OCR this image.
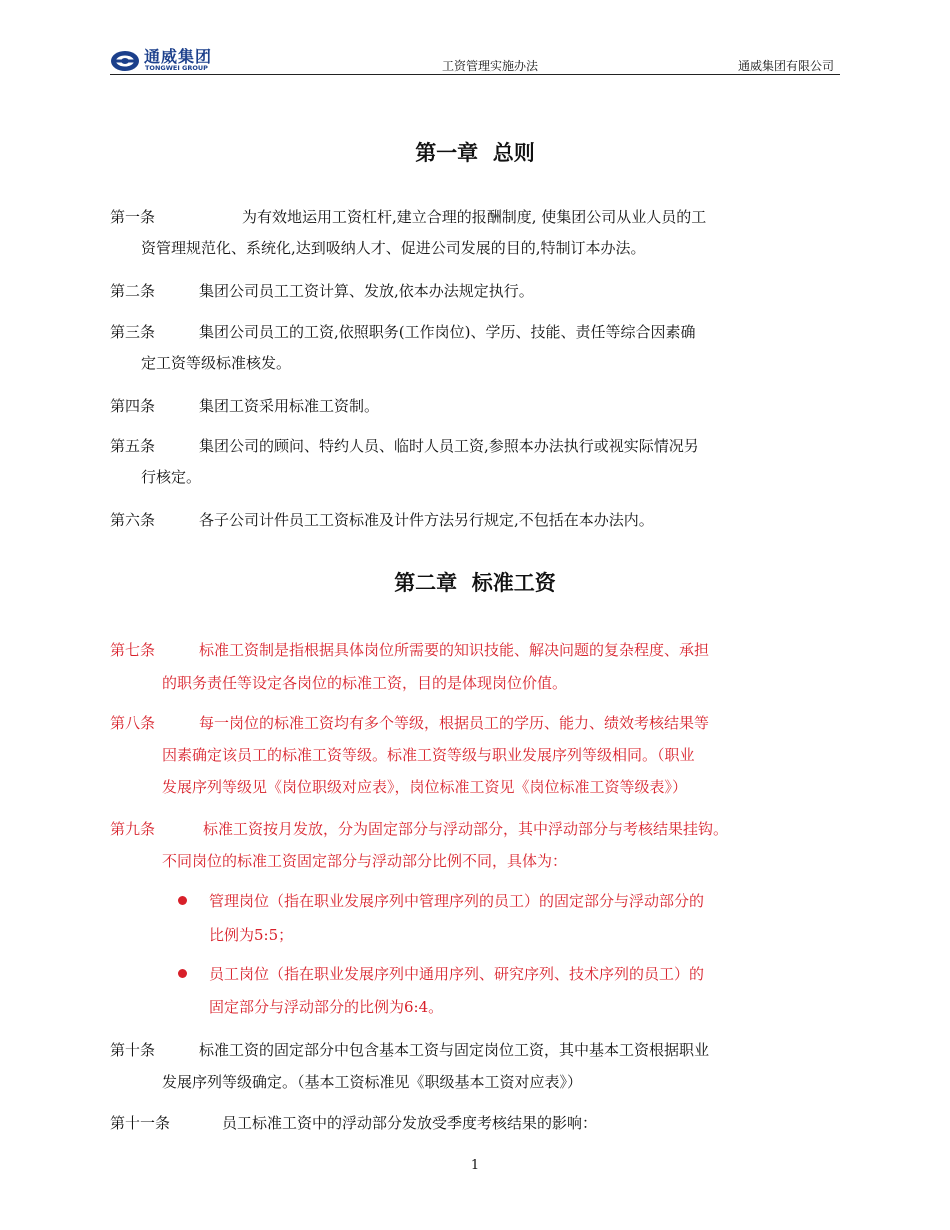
通威集团
TONGWEI GROUP	工资管理实施办法	通威集团有限公司
第一章  总则
第一条	为有效地运用工资杠杆,建立合理的报酬制度, 使集团公司从业人员的工
资管理规范化、系统化,达到吸纳人才、促进公司发展的目的,特制订本办法。
第二条	集团公司员工工资计算、发放,依本办法规定执行。
第三条	集团公司员工的工资,依照职务(工作岗位)、学历、技能、责任等综合因素确
定工资等级标准核发。
第四条	集团工资采用标准工资制。
第五条	集团公司的顾问、特约人员、临时人员工资,参照本办法执行或视实际情况另
行核定。
第六条	各子公司计件员工工资标准及计件方法另行规定,不包括在本办法内。
第二章  标准工资
第七条	标准工资制是指根据具体岗位所需要的知识技能、解决问题的复杂程度、承担
的职务责任等设定各岗位的标准工资，目的是体现岗位价值。
第八条	每一岗位的标准工资均有多个等级，根据员工的学历、能力、绩效考核结果等
因素确定该员工的标准工资等级。标准工资等级与职业发展序列等级相同。（职业
发展序列等级见《岗位职级对应表》，岗位标准工资见《岗位标准工资等级表》）
第九条	标准工资按月发放，分为固定部分与浮动部分，其中浮动部分与考核结果挂钩。
不同岗位的标准工资固定部分与浮动部分比例不同，具体为：
管理岗位（指在职业发展序列中管理序列的员工）的固定部分与浮动部分的
比例为5:5；
员工岗位（指在职业发展序列中通用序列、研究序列、技术序列的员工）的
固定部分与浮动部分的比例为6:4。
第十条	标准工资的固定部分中包含基本工资与固定岗位工资，其中基本工资根据职业
发展序列等级确定。（基本工资标准见《职级基本工资对应表》）
第十一条	员工标准工资中的浮动部分发放受季度考核结果的影响：
1
